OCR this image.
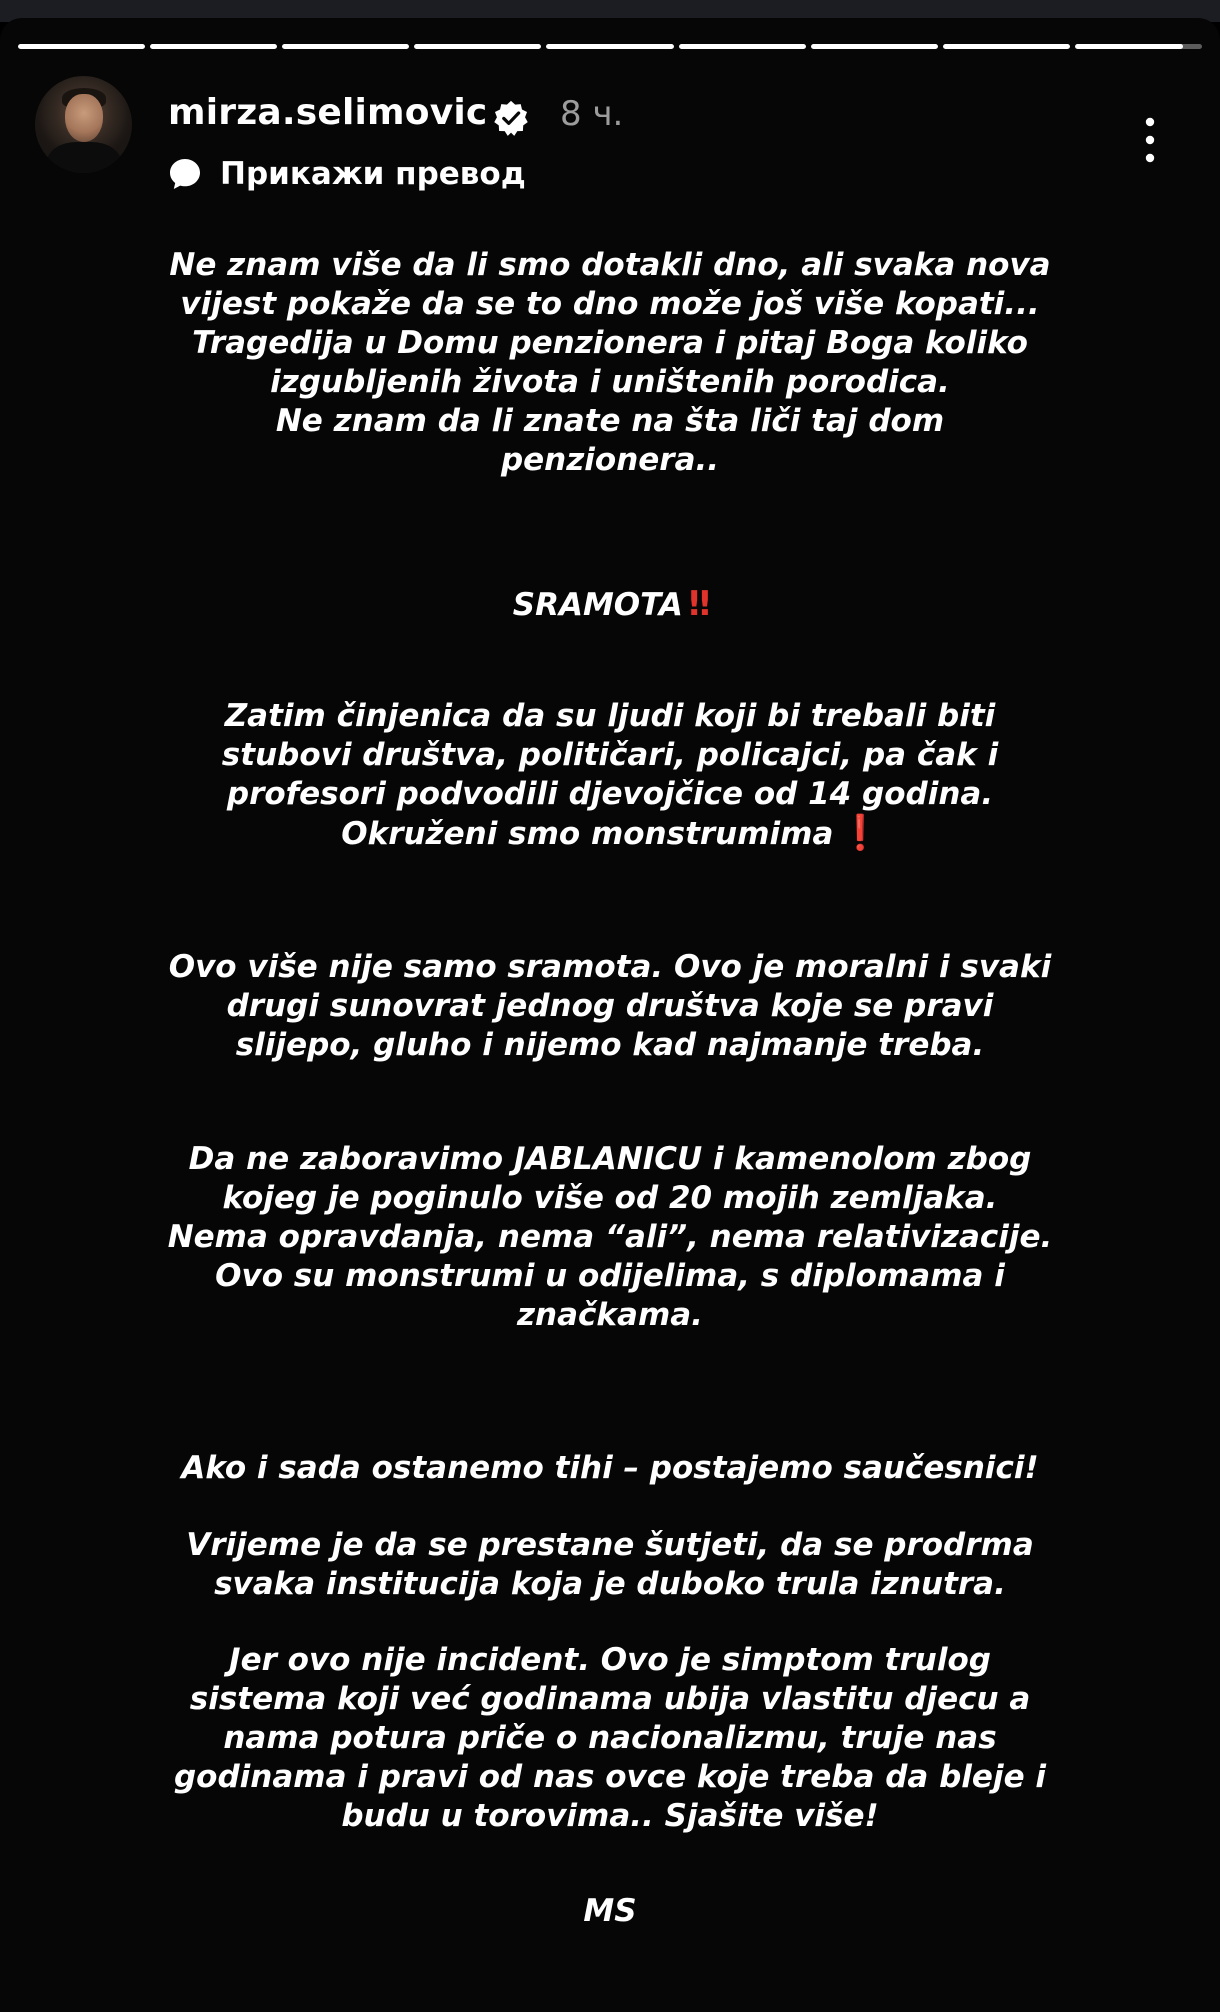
mirza.selimovic 8 ч.
Прикажи превод
Ne znam više da li smo dotakli dno, ali svaka nova
vijest pokaže da se to dno može još više kopati...
Tragedija u Domu penzionera i pitaj Boga koliko
izgubljenih života i uništenih porodica.
Ne znam da li znate na šta liči taj dom
penzionera..
SRAMOTA ‼
Zatim činjenica da su ljudi koji bi trebali biti
stubovi društva, političari, policajci, pa čak i
profesori podvodili djevojčice od 14 godina.
Okruženi smo monstrumima ❗
Ovo više nije samo sramota. Ovo je moralni i svaki
drugi sunovrat jednog društva koje se pravi
slijepo, gluho i nijemo kad najmanje treba.
Da ne zaboravimo JABLANICU i kamenolom zbog
kojeg je poginulo više od 20 mojih zemljaka.
Nema opravdanja, nema “ali”, nema relativizacije.
Ovo su monstrumi u odijelima, s diplomama i
značkama.
Ako i sada ostanemo tihi – postajemo saučesnici!
Vrijeme je da se prestane šutjeti, da se prodrma
svaka institucija koja je duboko trula iznutra.
Jer ovo nije incident. Ovo je simptom trulog
sistema koji već godinama ubija vlastitu djecu a
nama potura priče o nacionalizmu, truje nas
godinama i pravi od nas ovce koje treba da bleje i
budu u torovima.. Sjašite više!
MS
